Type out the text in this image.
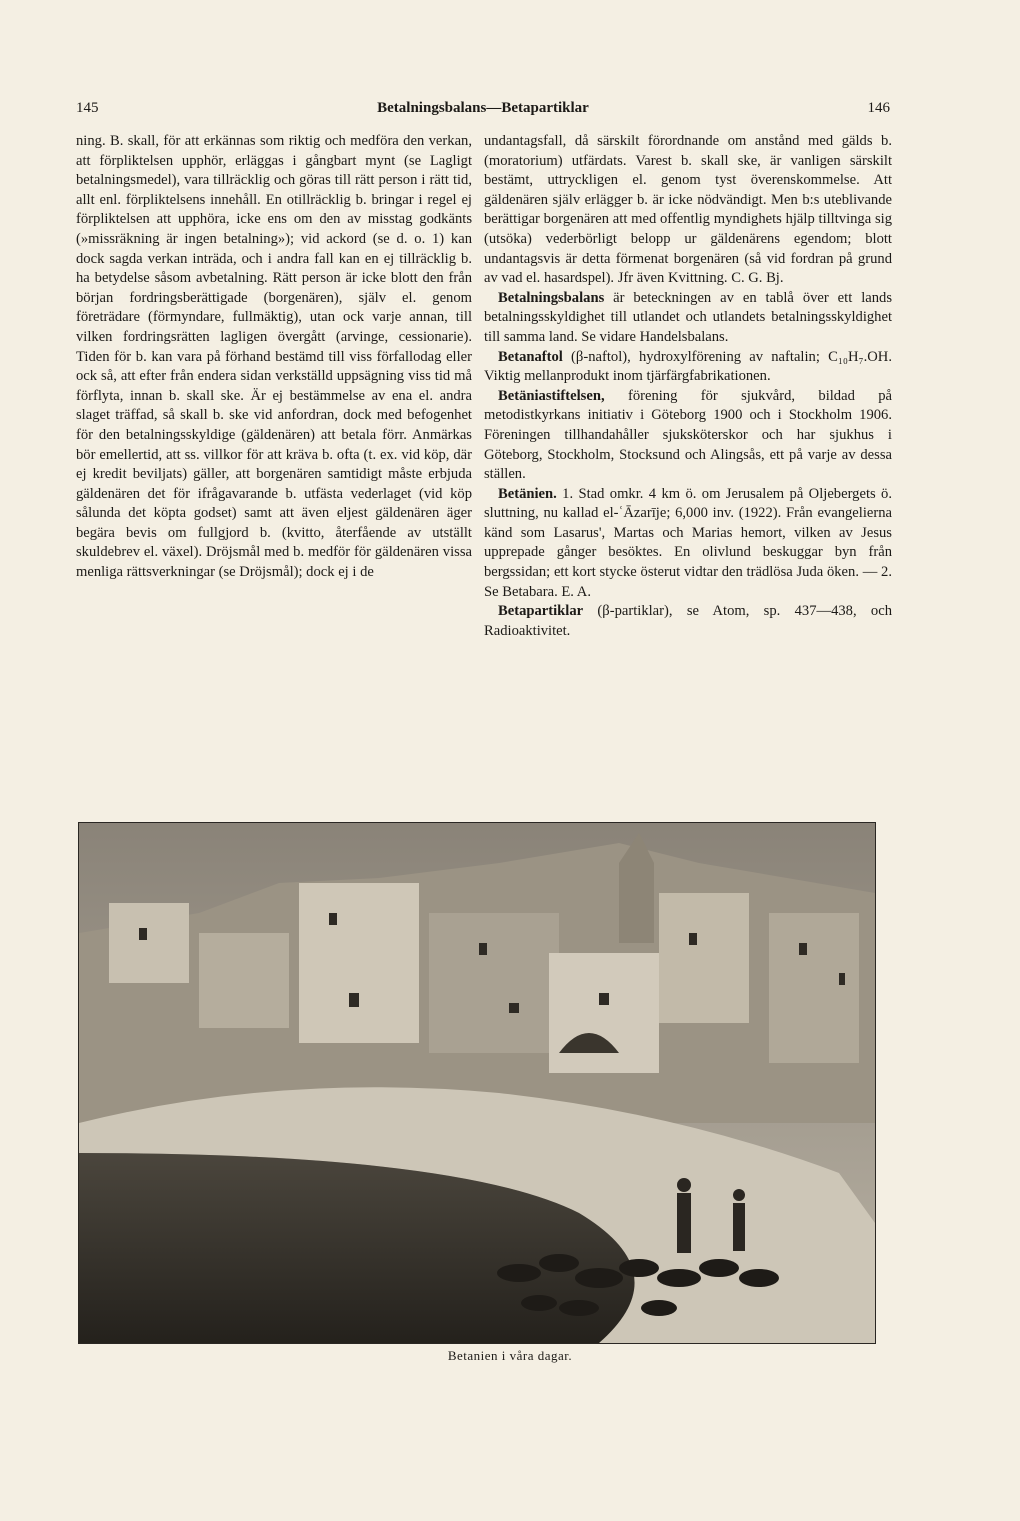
145	Betalningsbalans—Betapartiklar	146

ning. B. skall, för att erkännas som riktig och medföra den verkan, att förpliktelsen upphör, erläggas i gångbart mynt (se Lagligt betalningsmedel), vara tillräcklig och göras till rätt person i rätt tid, allt enl. förpliktelsens innehåll. En otillräcklig b. bringar i regel ej förpliktelsen att upphöra, icke ens om den av misstag godkänts (»missräkning är ingen betalning»); vid ackord (se d. o. 1) kan dock sagda verkan inträda, och i andra fall kan en ej tillräcklig b. ha betydelse såsom avbetalning. Rätt person är icke blott den från början fordringsberättigade (borgenären), själv el. genom företrädare (förmyndare, fullmäktig), utan ock varje annan, till vilken fordringsrätten lagligen övergått (arvinge, cessionarie). Tiden för b. kan vara på förhand bestämd till viss förfallodag eller ock så, att efter från endera sidan verkställd uppsägning viss tid må förflyta, innan b. skall ske. Är ej bestämmelse av ena el. andra slaget träffad, så skall b. ske vid anfordran, dock med befogenhet för den betalningsskyldige (gäldenären) att betala förr. Anmärkas bör emellertid, att ss. villkor för att kräva b. ofta (t. ex. vid köp, där ej kredit beviljats) gäller, att borgenären samtidigt måste erbjuda gäldenären det för ifrågavarande b. utfästa vederlaget (vid köp sålunda det köpta godset) samt att även eljest gäldenären äger begära bevis om fullgjord b. (kvitto, återfående av utställt skuldebrev el. växel). Dröjsmål med b. medför för gäldenären vissa menliga rättsverkningar (se Dröjsmål); dock ej i de

undantagsfall, då särskilt förordnande om anstånd med gälds b. (moratorium) utfärdats. Varest b. skall ske, är vanligen särskilt bestämt, uttryckligen el. genom tyst överenskommelse. Att gäldenären själv erlägger b. är icke nödvändigt. Men b:s uteblivande berättigar borgenären att med offentlig myndighets hjälp tilltvinga sig (utsöka) vederbörligt belopp ur gäldenärens egendom; blott undantagsvis är detta förmenat borgenären (så vid fordran på grund av vad el. hasardspel). Jfr även Kvittning. C. G. Bj.

Betalningsbalans är beteckningen av en tablå över ett lands betalningsskyldighet till utlandet och utlandets betalningsskyldighet till samma land. Se vidare Handelsbalans.

Betanaftol (β-naftol), hydroxylförening av naftalin; C₁₀H₇.OH. Viktig mellanprodukt inom tjärfärgfabrikationen.

Betäniastiftelsen, förening för sjukvård, bildad på metodistkyrkans initiativ i Göteborg 1900 och i Stockholm 1906. Föreningen tillhandahåller sjuksköterskor och har sjukhus i Göteborg, Stockholm, Stocksund och Alingsås, ett på varje av dessa ställen.

Betänien. 1. Stad omkr. 4 km ö. om Jerusalem på Oljebergets ö. sluttning, nu kallad el-ʿĀzarīje; 6,000 inv. (1922). Från evangelierna känd som Lasarus', Martas och Marias hemort, vilken av Jesus upprepade gånger besöktes. En olivlund beskuggar byn från bergssidan; ett kort stycke österut vidtar den trädlösa Juda öken. — 2. Se Betabara. E. A.

Betapartiklar (β-partiklar), se Atom, sp. 437—438, och Radioaktivitet.

Betanien i våra dagar.
